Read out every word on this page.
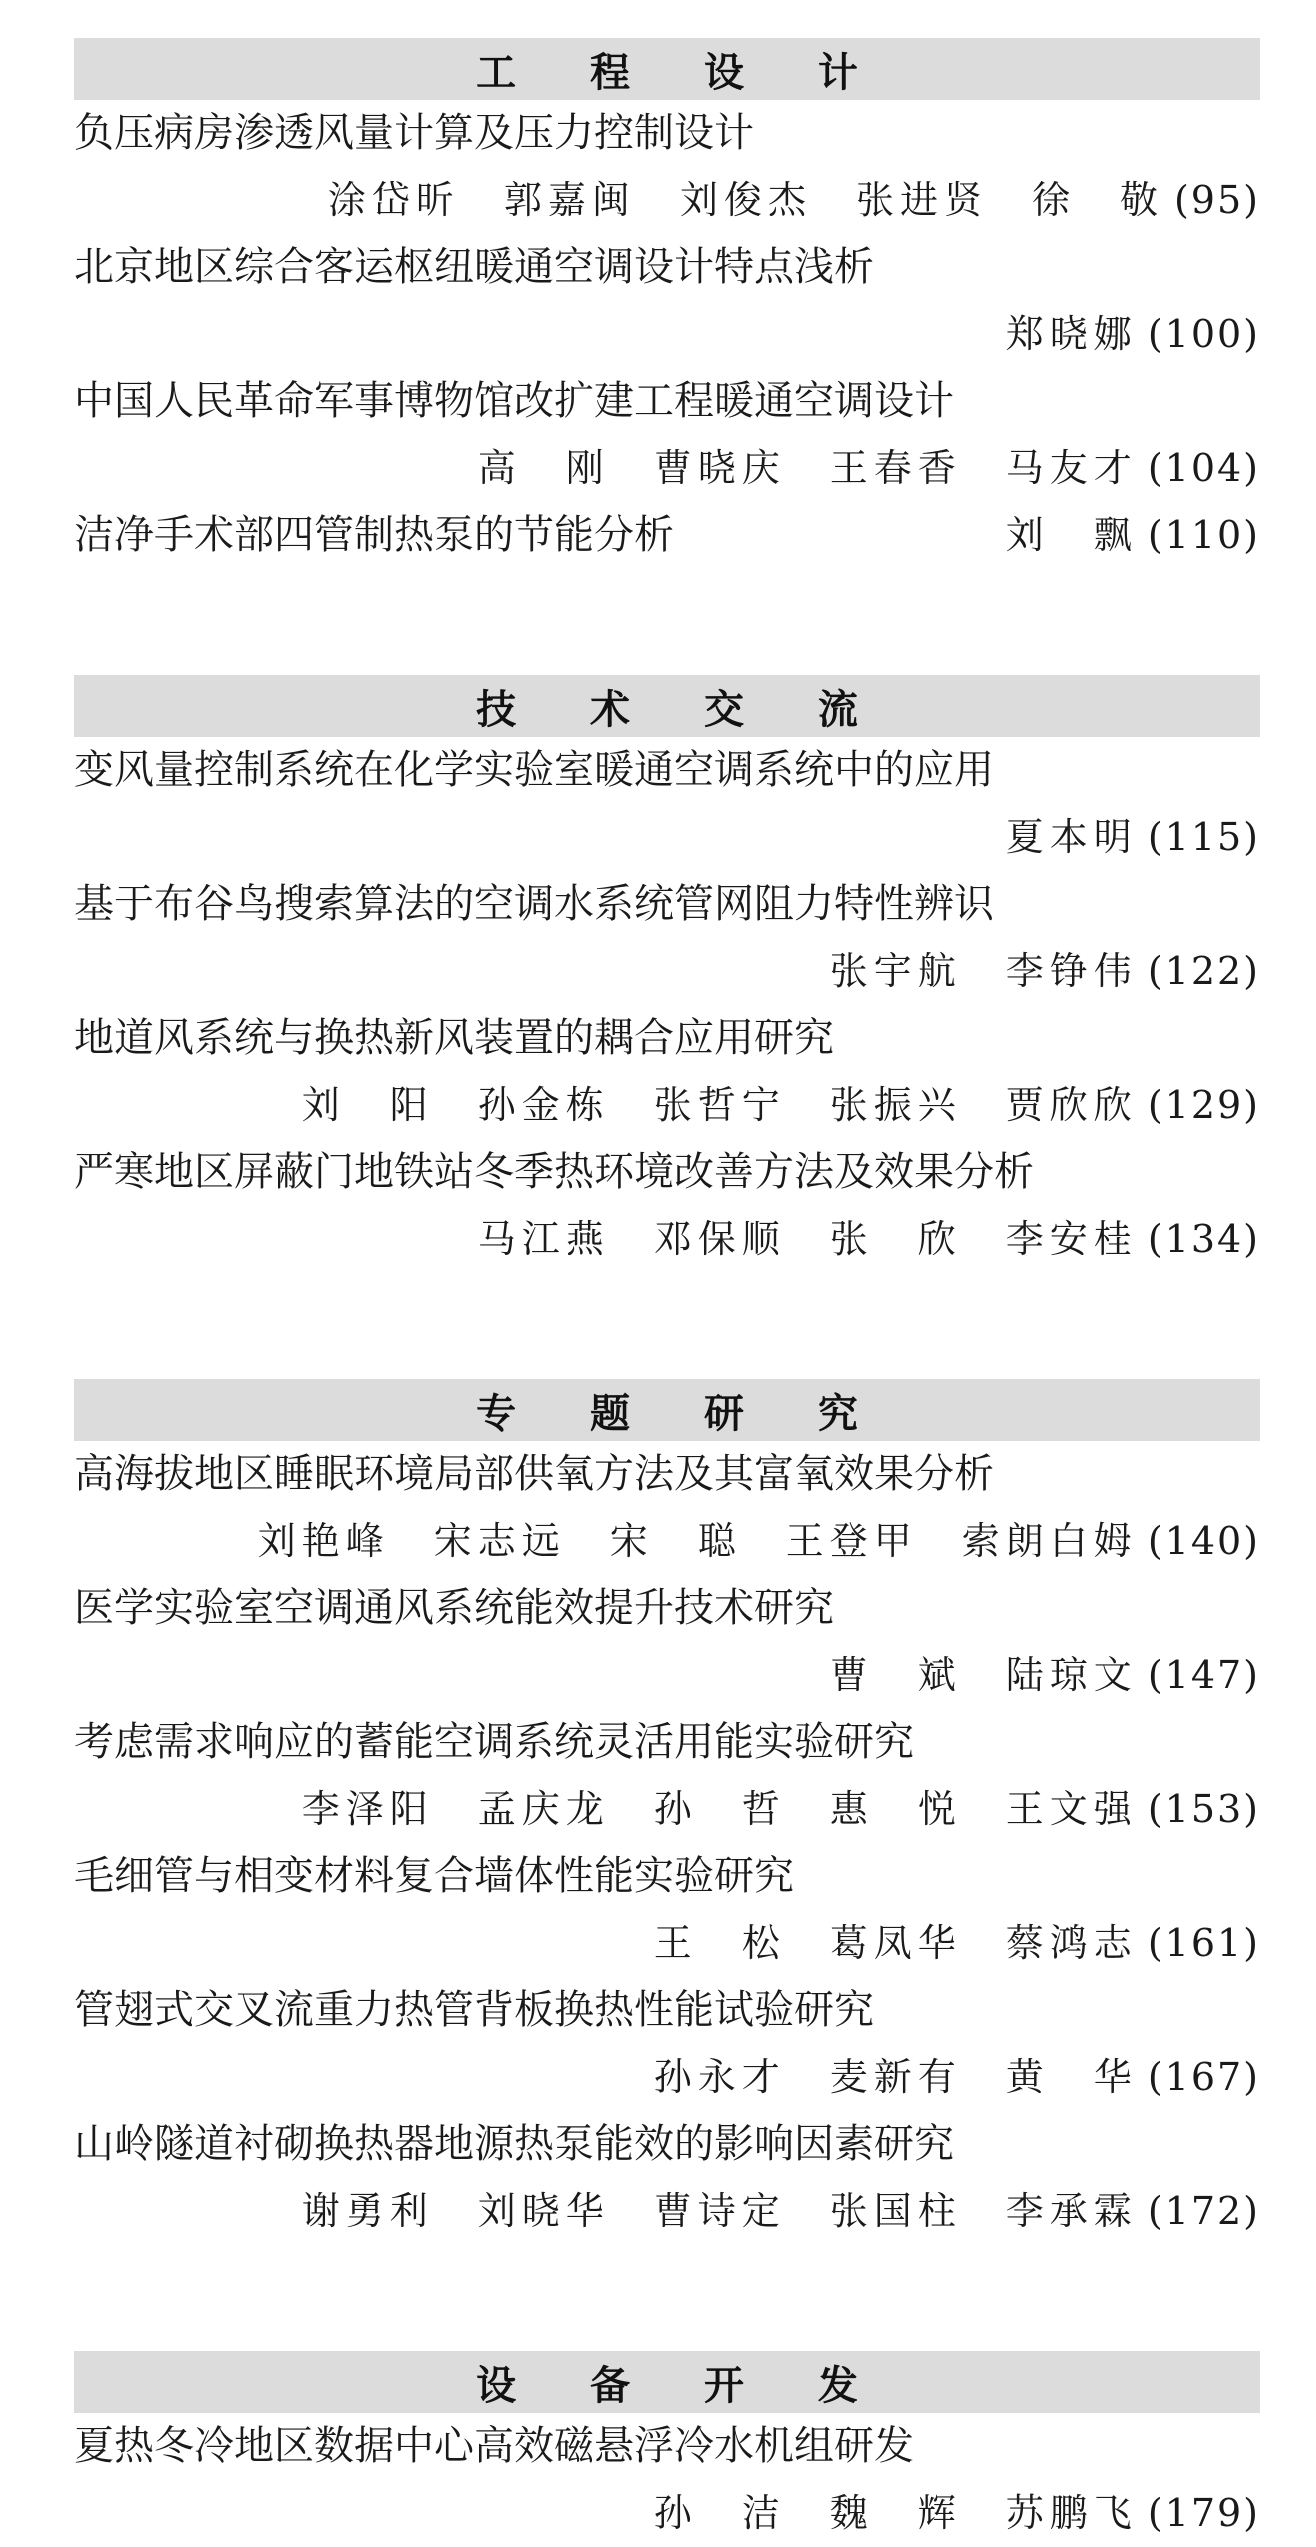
工 程 设 计
负压病房渗透风量计算及压力控制设计
涂岱昕 郭嘉闽 刘俊杰 张进贤 徐　敬 (95)
北京地区综合客运枢纽暖通空调设计特点浅析
郑晓娜 (100)
中国人民革命军事博物馆改扩建工程暖通空调设计
高　刚 曹晓庆 王春香 马友才 (104)
洁净手术部四管制热泵的节能分析	刘　飘 (110)
技 术 交 流
变风量控制系统在化学实验室暖通空调系统中的应用
夏本明 (115)
基于布谷鸟搜索算法的空调水系统管网阻力特性辨识
张宇航 李铮伟 (122)
地道风系统与换热新风装置的耦合应用研究
刘　阳 孙金栋 张哲宁 张振兴 贾欣欣 (129)
严寒地区屏蔽门地铁站冬季热环境改善方法及效果分析
马江燕 邓保顺 张　欣 李安桂 (134)
专 题 研 究
高海拔地区睡眠环境局部供氧方法及其富氧效果分析
刘艳峰 宋志远 宋　聪 王登甲 索朗白姆 (140)
医学实验室空调通风系统能效提升技术研究
曹　斌 陆琼文 (147)
考虑需求响应的蓄能空调系统灵活用能实验研究
李泽阳 孟庆龙 孙　哲 惠　悦 王文强 (153)
毛细管与相变材料复合墙体性能实验研究
王　松 葛凤华 蔡鸿志 (161)
管翅式交叉流重力热管背板换热性能试验研究
孙永才 麦新有 黄　华 (167)
山岭隧道衬砌换热器地源热泵能效的影响因素研究
谢勇利 刘晓华 曹诗定 张国柱 李承霖 (172)
设 备 开 发
夏热冬冷地区数据中心高效磁悬浮冷水机组研发
孙　洁 魏　辉 苏鹏飞 (179)
